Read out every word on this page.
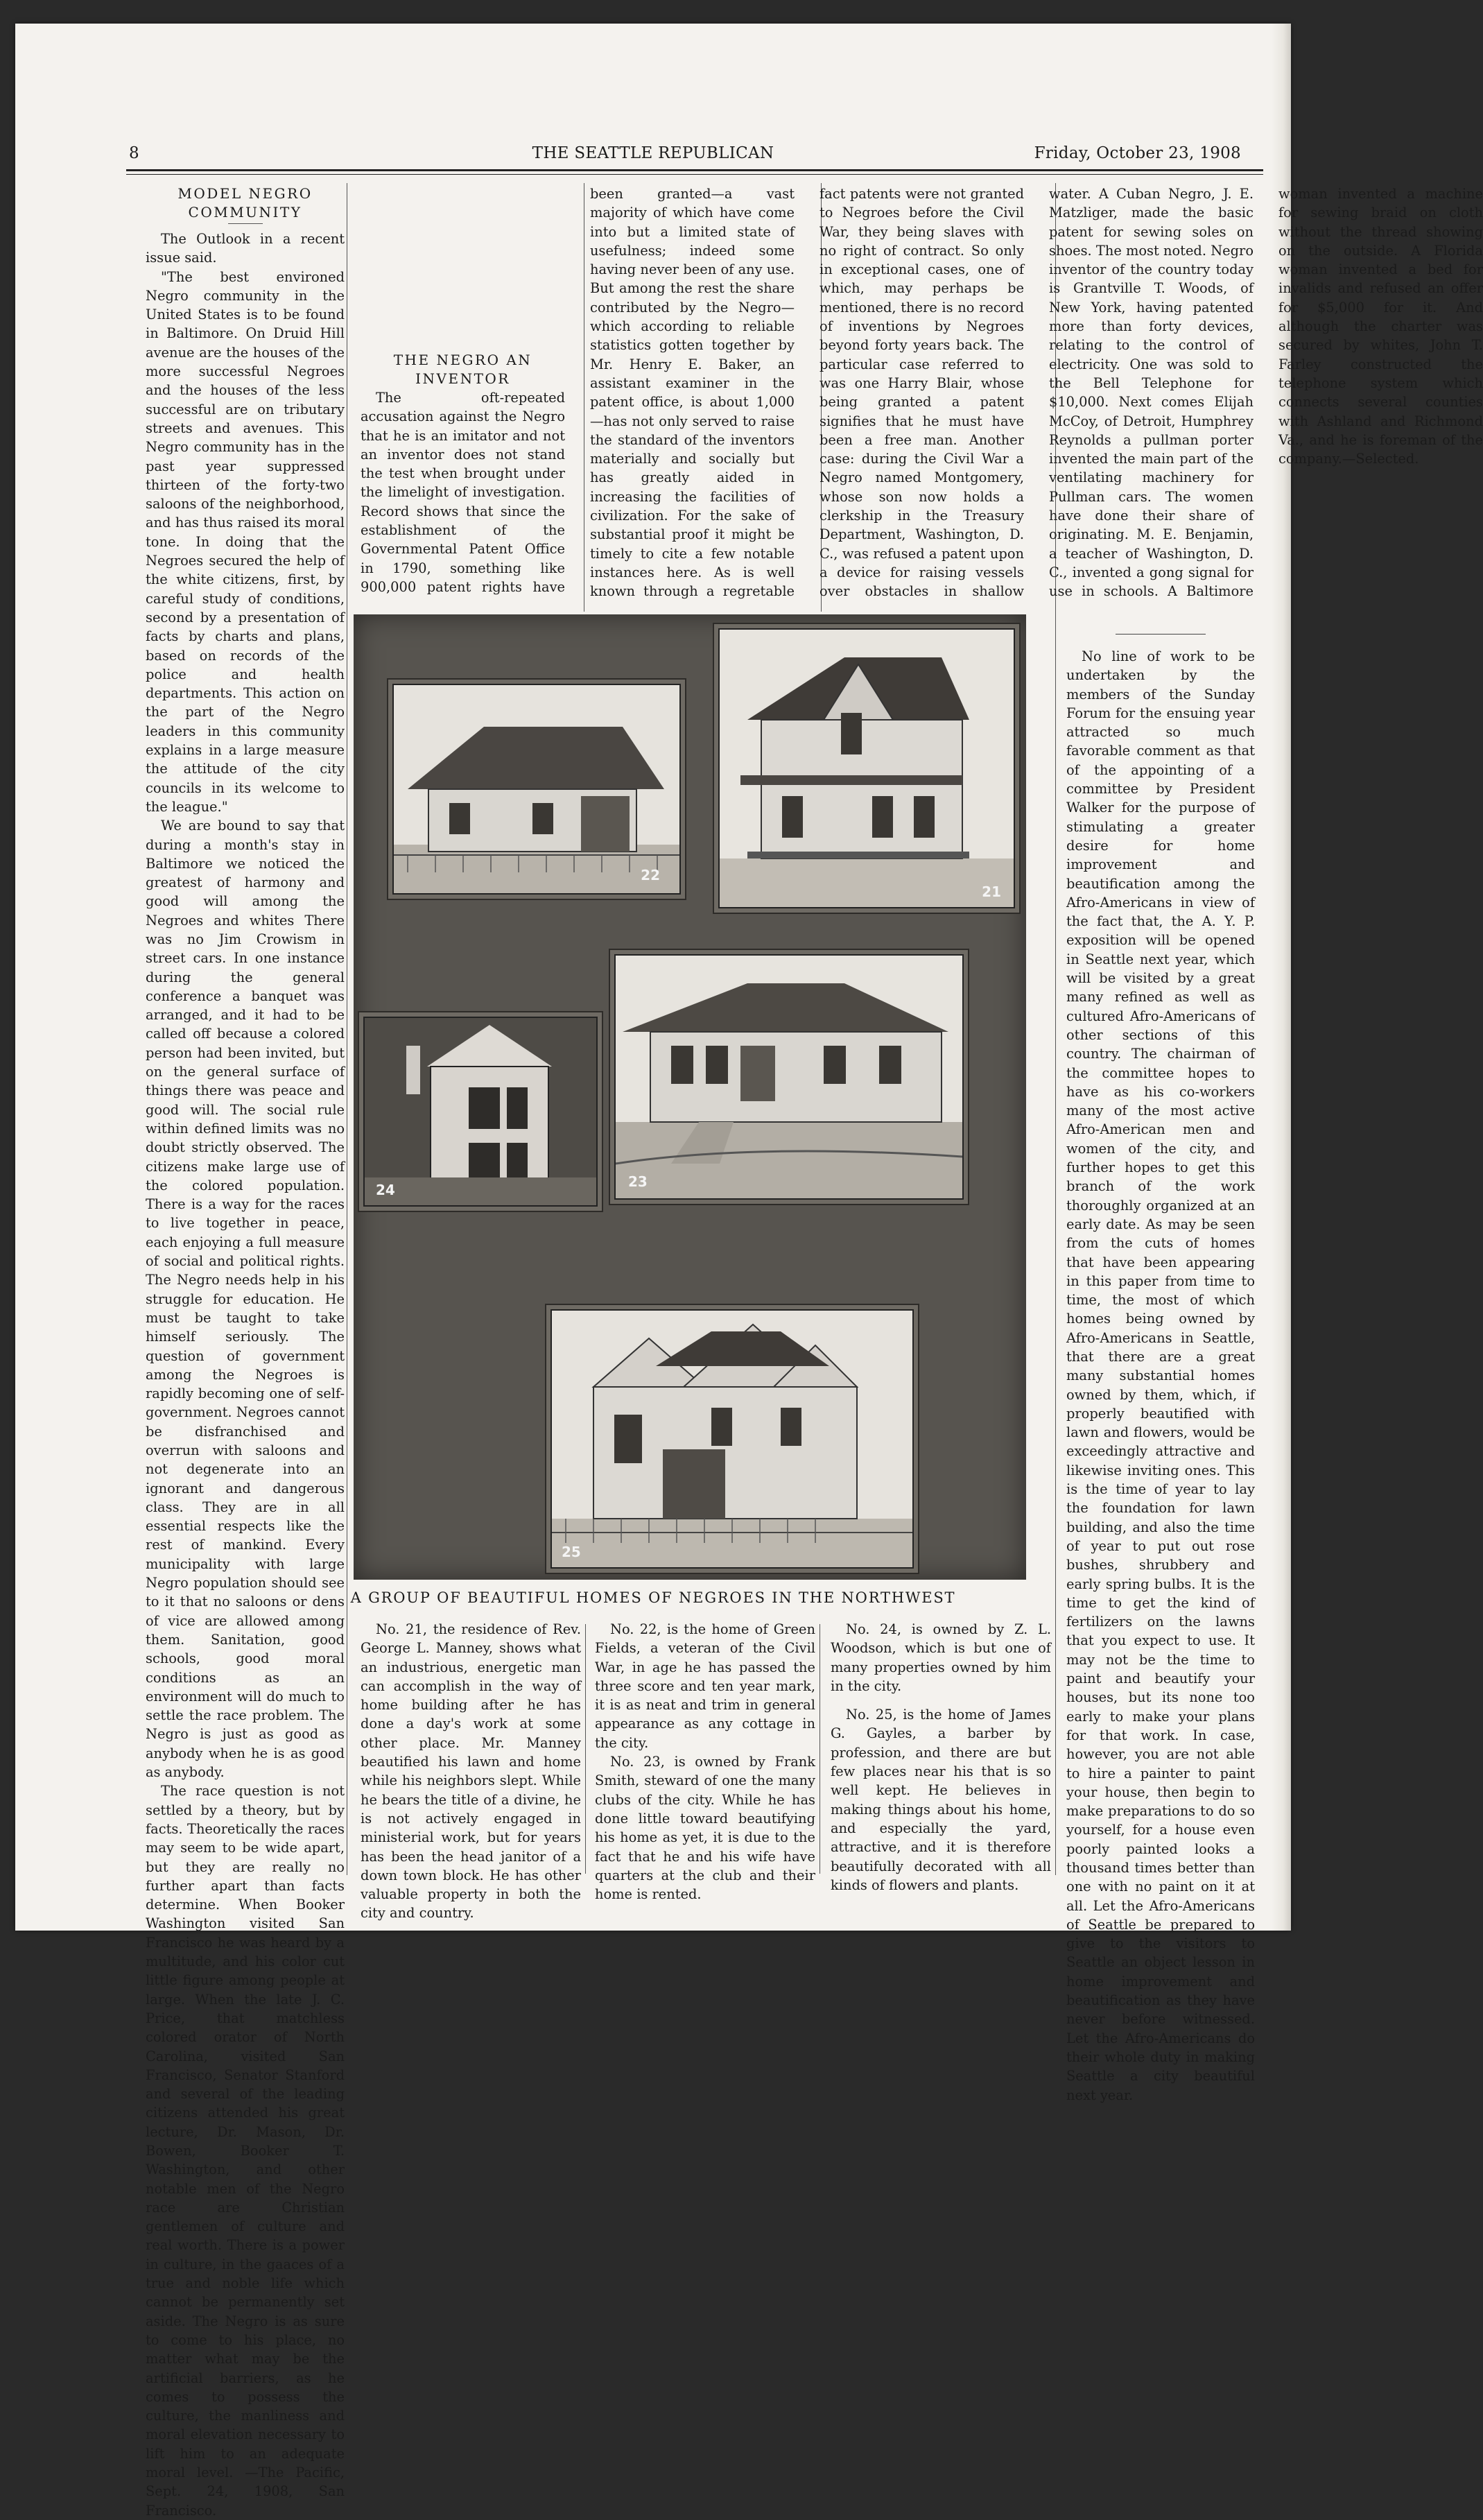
8	THE SEATTLE REPUBLICAN	Friday, October 23, 1908

MODEL NEGRO COMMUNITY

The Outlook in a recent issue said.

"The best environed Negro community in the United States is to be found in Baltimore. On Druid Hill avenue are the houses of the more successful Negroes and the houses of the less successful are on tributary streets and avenues. This Negro community has in the past year suppressed thirteen of the forty-two saloons of the neighborhood, and has thus raised its moral tone. In doing that the Negroes secured the help of the white citizens, first, by careful study of conditions, second by a presentation of facts by charts and plans, based on records of the police and health departments. This action on the part of the Negro leaders in this community explains in a large measure the attitude of the city councils in its welcome to the league."

We are bound to say that during a month's stay in Baltimore we noticed the greatest of harmony and good will among the Negroes and whites There was no Jim Crowism in street cars. In one instance during the general conference a banquet was arranged, and it had to be called off because a colored person had been invited, but on the general surface of things there was peace and good will. The social rule within defined limits was no doubt strictly observed. The citizens make large use of the colored population. There is a way for the races to live together in peace, each enjoying a full measure of social and political rights. The Negro needs help in his struggle for education. He must be taught to take himself seriously. The question of government among the Negroes is rapidly becoming one of self-government. Negroes cannot be disfranchised and overrun with saloons and not degenerate into an ignorant and dangerous class. They are in all essential respects like the rest of mankind. Every municipality with large Negro population should see to it that no saloons or dens of vice are allowed among them. Sanitation, good schools, good moral conditions as an environment will do much to settle the race problem. The Negro is just as good as anybody when he is as good as anybody.

The race question is not settled by a theory, but by facts. Theoretically the races may seem to be wide apart, but they are really no further apart than facts determine. When Booker Washington visited San Francisco he was heard by a multitude, and his color cut little figure among people at large. When the late J. C. Price, that matchless colored orator of North Carolina, visited San Francisco, Senator Stanford and several of the leading citizens attended his great lecture, Dr. Mason, Dr. Bowen, Booker T. Washington, and other notable men of the Negro race are Christian gentlemen of culture and real worth. There is a power in culture, in the gaaces of a true and noble life which cannot be permanently set aside. The Negro is as sure to come to his place, no matter what may be the artificial barriers, as he comes to possess the culture, the manliness and moral elevation necessary to lift him to an adequate moral level. —The Pacific, Sept. 24, 1908, San Francisco.

THE NEGRO AN INVENTOR

The oft-repeated accusation against the Negro that he is an imitator and not an inventor does not stand the test when brought under the limelight of investigation. Record shows that since the establishment of the Governmental Patent Office in 1790, something like 900,000 patent rights have been granted—a vast majority of which have come into but a limited state of usefulness; indeed some having never been of any use. But among the rest the share contributed by the Negro—which according to reliable statistics gotten together by Mr. Henry E. Baker, an assistant examiner in the patent office, is about 1,000—has not only served to raise the standard of the inventors materially and socially but has greatly aided in increasing the facilities of civilization. For the sake of substantial proof it might be timely to cite a few notable instances here. As is well known through a regretable fact patents were not granted to Negroes before the Civil War, they being slaves with no right of contract. So only in exceptional cases, one of which, may perhaps be mentioned, there is no record of inventions by Negroes beyond forty years back. The particular case referred to was one Harry Blair, whose being granted a patent signifies that he must have been a free man. Another case: during the Civil War a Negro named Montgomery, whose son now holds a clerkship in the Treasury Department, Washington, D. C., was refused a patent upon a device for raising vessels over obstacles in shallow water. A Cuban Negro, J. E. Matzliger, made the basic patent for sewing soles on shoes. The most noted. Negro inventor of the country today is Grantville T. Woods, of New York, having patented more than forty devices, relating to the control of electricity. One was sold to the Bell Telephone for $10,000. Next comes Elijah McCoy, of Detroit, Humphrey Reynolds a pullman porter invented the main part of the ventilating machinery for Pullman cars. The women have done their share of originating. M. E. Benjamin, a teacher of Washington, D. C., invented a gong signal for use in schools. A Baltimore woman invented a machine for sewing braid on cloth without the thread showing on the outside. A Florida woman invented a bed for invalids and refused an offer for $5,000 for it. And although the charter was secured by whites, John T. Farley constructed the telephone system which connects several counties with Ashland and Richmond Va., and he is foreman of the company.—Selected.

No line of work to be undertaken by the members of the Sunday Forum for the ensuing year attracted so much favorable comment as that of the appointing of a committee by President Walker for the purpose of stimulating a greater desire for home improvement and beautification among the Afro-Americans in view of the fact that, the A. Y. P. exposition will be opened in Seattle next year, which will be visited by a great many refined as well as cultured Afro-Americans of other sections of this country. The chairman of the committee hopes to have as his co-workers many of the most active Afro-American men and women of the city, and further hopes to get this branch of the work thoroughly organized at an early date. As may be seen from the cuts of homes that have been appearing in this paper from time to time, the most of which homes being owned by Afro-Americans in Seattle, that there are a great many substantial homes owned by them, which, if properly beautified with lawn and flowers, would be exceedingly attractive and likewise inviting ones. This is the time of year to lay the foundation for lawn building, and also the time of year to put out rose bushes, shrubbery and early spring bulbs. It is the time to get the kind of fertilizers on the lawns that you expect to use. It may not be the time to paint and beautify your houses, but its none too early to make your plans for that work. In case, however, you are not able to hire a painter to paint your house, then begin to make preparations to do so yourself, for a house even poorly painted looks a thousand times better than one with no paint on it at all. Let the Afro-Americans of Seattle be prepared to give to the visitors to Seattle an object lesson in home improvement and beautification as they have never before witnessed. Let the Afro-Americans do their whole duty in making Seattle a city beautiful next year.

22
21
23
24
25
A GROUP OF BEAUTIFUL HOMES OF NEGROES IN THE NORTHWEST

No. 21, the residence of Rev. George L. Manney, shows what an industrious, energetic man can accomplish in the way of home building after he has done a day's work at some other place. Mr. Manney beautified his lawn and home while his neighbors slept. While he bears the title of a divine, he is not actively engaged in ministerial work, but for years has been the head janitor of a down town block. He has other valuable property in both the city and country.

No. 22, is the home of Green Fields, a veteran of the Civil War, in age he has passed the three score and ten year mark, it is as neat and trim in general appearance as any cottage in the city.

No. 23, is owned by Frank Smith, steward of one the many clubs of the city. While he has done little toward beautifying his home as yet, it is due to the fact that he and his wife have quarters at the club and their home is rented.

No. 24, is owned by Z. L. Woodson, which is but one of many properties owned by him in the city.

No. 25, is the home of James G. Gayles, a barber by profession, and there are but few places near his that is so well kept. He believes in making things about his home, and especially the yard, attractive, and it is therefore beautifully decorated with all kinds of flowers and plants.
